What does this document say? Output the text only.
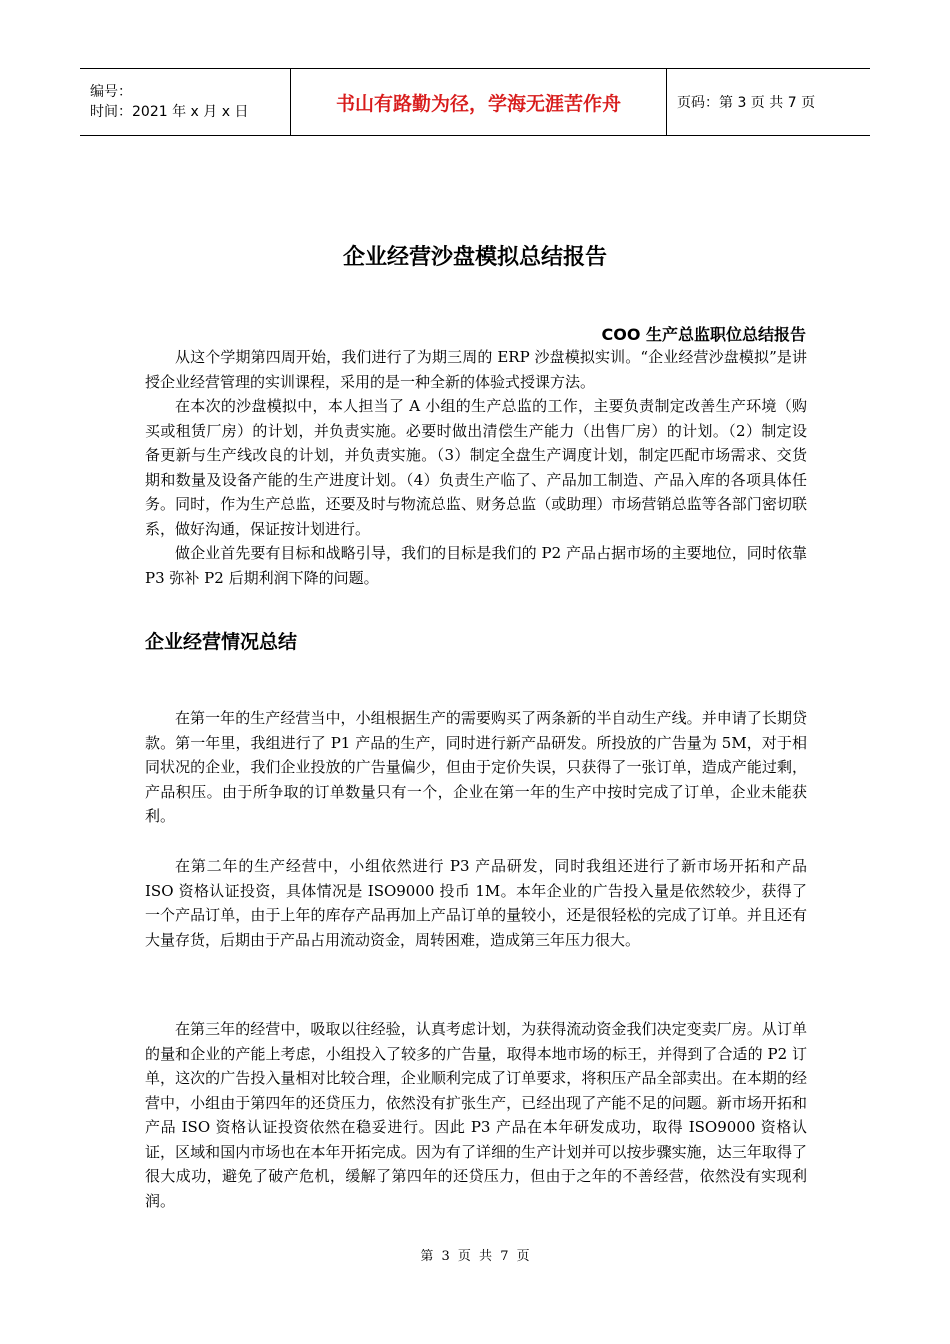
编号：
时间：2021 年 x 月 x 日	书山有路勤为径，学海无涯苦作舟	页码：第 3 页 共 7 页
企业经营沙盘模拟总结报告
COO 生产总监职位总结报告

从这个学期第四周开始，我们进行了为期三周的 ERP 沙盘模拟实训。“企业经营沙盘模拟”是讲授企业经营管理的实训课程，采用的是一种全新的体验式授课方法。

在本次的沙盘模拟中，本人担当了 A 小组的生产总监的工作，主要负责制定改善生产环境（购买或租赁厂房）的计划，并负责实施。必要时做出清偿生产能力（出售厂房）的计划。（2）制定设备更新与生产线改良的计划，并负责实施。（3）制定全盘生产调度计划，制定匹配市场需求、交货期和数量及设备产能的生产进度计划。（4）负责生产临了、产品加工制造、产品入库的各项具体任务。同时，作为生产总监，还要及时与物流总监、财务总监（或助理）市场营销总监等各部门密切联系，做好沟通，保证按计划进行。

做企业首先要有目标和战略引导，我们的目标是我们的 P2 产品占据市场的主要地位，同时依靠 P3 弥补 P2 后期利润下降的问题。

企业经营情况总结

在第一年的生产经营当中，小组根据生产的需要购买了两条新的半自动生产线。并申请了长期贷款。第一年里，我组进行了 P1 产品的生产，同时进行新产品研发。所投放的广告量为 5M，对于相同状况的企业，我们企业投放的广告量偏少，但由于定价失误，只获得了一张订单，造成产能过剩，产品积压。由于所争取的订单数量只有一个，企业在第一年的生产中按时完成了订单，企业未能获利。

在第二年的生产经营中，小组依然进行 P3 产品研发，同时我组还进行了新市场开拓和产品 ISO 资格认证投资，具体情况是 ISO9000 投币 1M。本年企业的广告投入量是依然较少，获得了一个产品订单，由于上年的库存产品再加上产品订单的量较小，还是很轻松的完成了订单。并且还有大量存货，后期由于产品占用流动资金，周转困难，造成第三年压力很大。

在第三年的经营中，吸取以往经验，认真考虑计划，为获得流动资金我们决定变卖厂房。从订单的量和企业的产能上考虑，小组投入了较多的广告量，取得本地市场的标王，并得到了合适的 P2 订单，这次的广告投入量相对比较合理，企业顺利完成了订单要求，将积压产品全部卖出。在本期的经营中，小组由于第四年的还贷压力，依然没有扩张生产，已经出现了产能不足的问题。新市场开拓和产品 ISO 资格认证投资依然在稳妥进行。因此 P3 产品在本年研发成功，取得 ISO9000 资格认证，区域和国内市场也在本年开拓完成。因为有了详细的生产计划并可以按步骤实施，达三年取得了很大成功，避免了破产危机，缓解了第四年的还贷压力，但由于之年的不善经营，依然没有实现利润。

第 3 页 共 7 页
